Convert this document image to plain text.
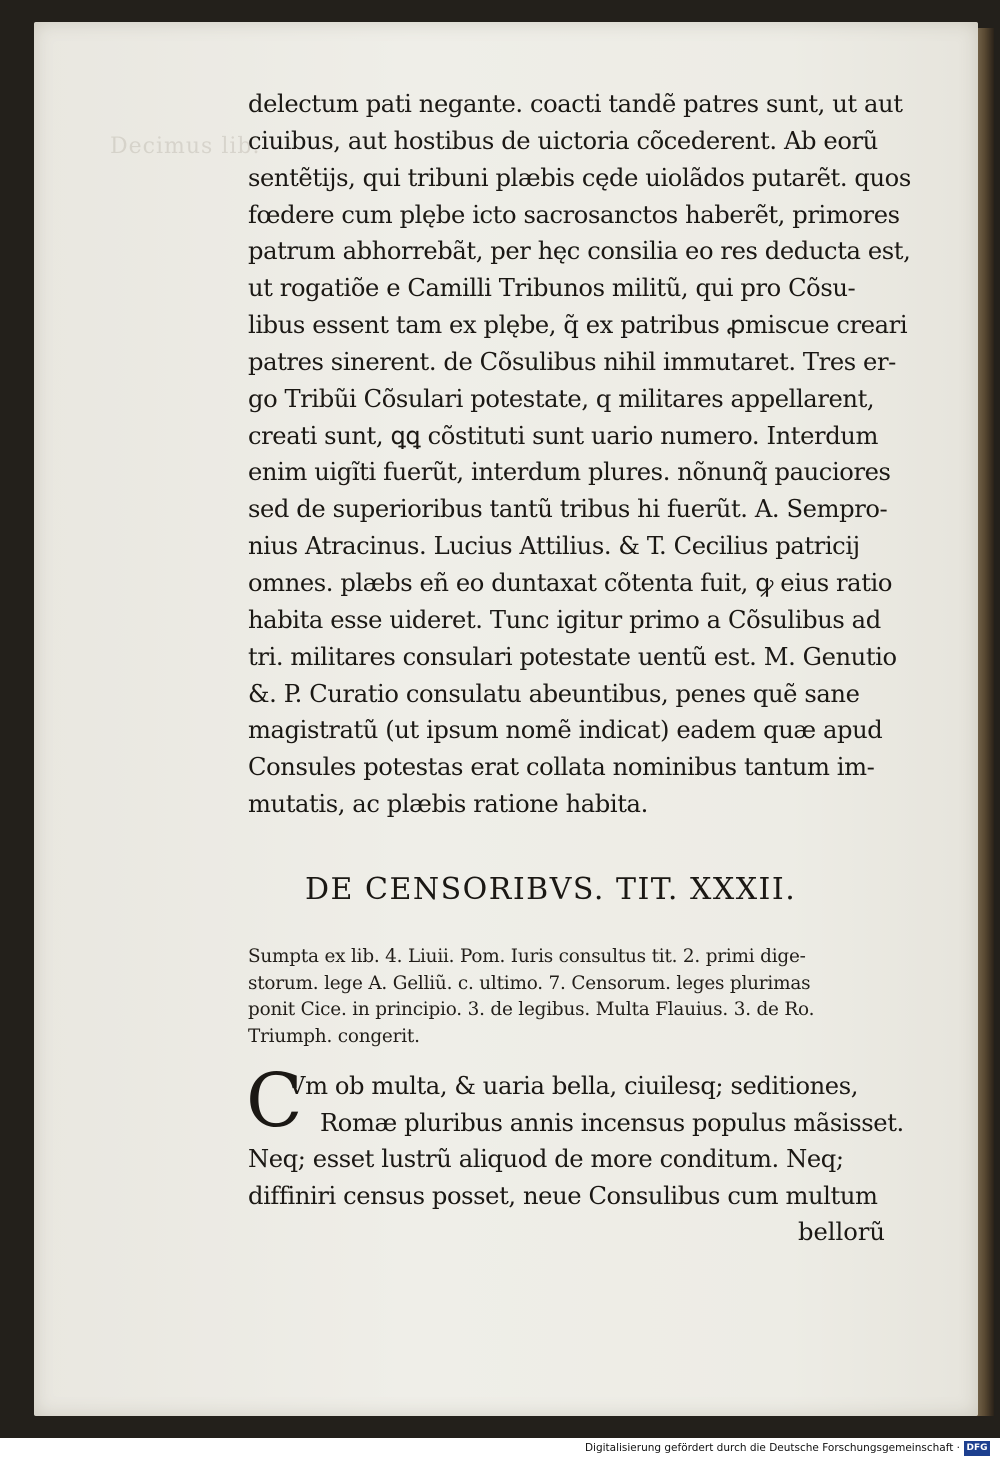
Decimus lib.
delectum pati negante. coacti tandẽ patres sunt, ut aut
ciuibus, aut hostibus de uictoria cõcederent. Ab eorũ
sentẽtijs, qui tribuni plæbis cęde uiolãdos putarẽt. quos
fœdere cum plębe icto sacrosanctos haberẽt, primores
patrum abhorrebãt, per hęc consilia eo res deducta est,
ut rogatiõe e Camilli Tribunos militũ, qui pro Cõsu-
libus essent tam ex plębe, q̃ ex patribus ꝓmiscue creari
patres sinerent. de Cõsulibus nihil immutaret. Tres er-
go Tribũi Cõsulari potestate, q militares appellarent,
creati sunt, ꝗꝗ cõstituti sunt uario numero. Interdum
enim uigĩti fuerũt, interdum plures. nõnunq̃ pauciores
sed de superioribus tantũ tribus hi fuerũt. A. Sempro-
nius Atracinus. Lucius Attilius. & T. Cecilius patricij
omnes. plæbs eñ eo duntaxat cõtenta fuit, ꝙ eius ratio
habita esse uideret. Tunc igitur primo a Cõsulibus ad
tri. militares consulari potestate uentũ est. M. Genutio
&. P. Curatio consulatu abeuntibus, penes quẽ sane
magistratũ (ut ipsum nomẽ indicat) eadem quæ apud
Consules potestas erat collata nominibus tantum im-
mutatis, ac plæbis ratione habita.
DE CENSORIBVS. TIT. XXXII.
Sumpta ex lib. 4. Liuii. Pom. Iuris consultus tit. 2. primi dige-
storum. lege A. Gelliũ. c. ultimo. 7. Censorum. leges plurimas
ponit Cice. in principio. 3. de legibus. Multa Flauius. 3. de Ro.
Triumph. congerit.
C
Vm ob multa, & uaria bella, ciuilesq; seditiones,
Romæ pluribus annis incensus populus mãsisset.
Neq; esset lustrũ aliquod de more conditum. Neq;
diffiniri census posset, neue Consulibus cum multum
bellorũ
Digitalisierung gefördert durch die Deutsche Forschungsgemeinschaft · DFG
